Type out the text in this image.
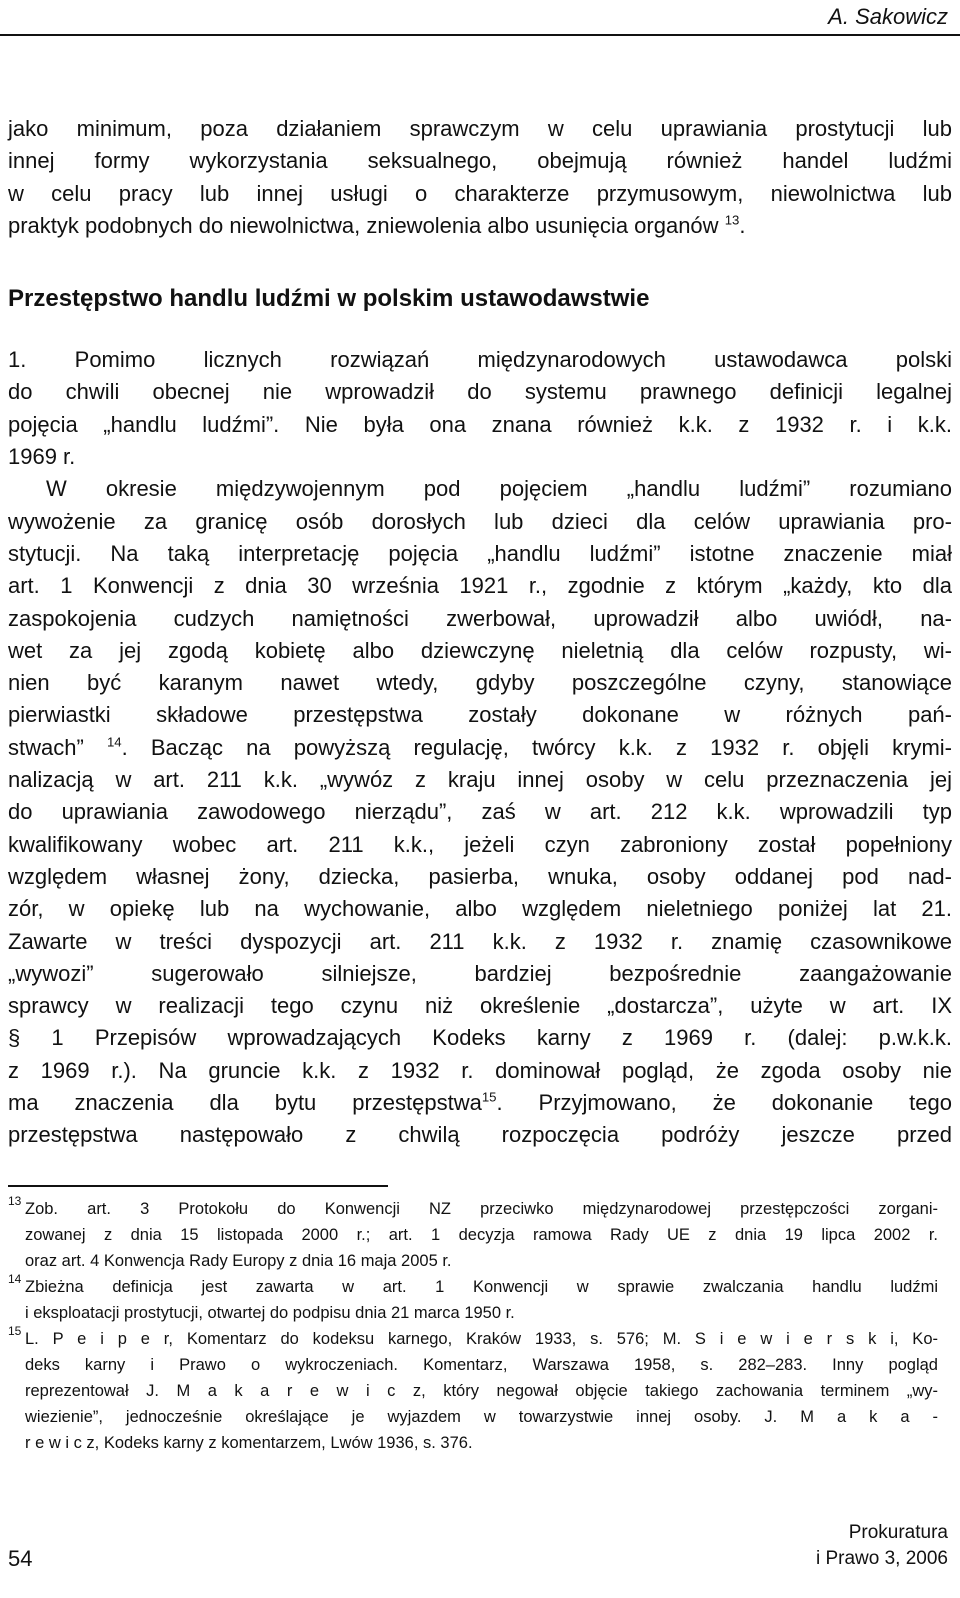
A. Sakowicz
jako minimum, poza działaniem sprawczym w celu uprawiania prostytucji lub
innej formy wykorzystania seksualnego, obejmują również handel ludźmi
w celu pracy lub innej usługi o charakterze przymusowym, niewolnictwa lub
praktyk podobnych do niewolnictwa, zniewolenia albo usunięcia organów $^{13}$.
Przestępstwo handlu ludźmi w polskim ustawodawstwie
1. Pomimo licznych rozwiązań międzynarodowych ustawodawca polski
do chwili obecnej nie wprowadził do systemu prawnego definicji legalnej
pojęcia „handlu ludźmi”. Nie była ona znana również k.k. z 1932 r. i k.k.
1969 r.
W okresie międzywojennym pod pojęciem „handlu ludźmi” rozumiano
wywożenie za granicę osób dorosłych lub dzieci dla celów uprawiania pro-
stytucji. Na taką interpretację pojęcia „handlu ludźmi” istotne znaczenie miał
art. 1 Konwencji z dnia 30 września 1921 r., zgodnie z którym „każdy, kto dla
zaspokojenia cudzych namiętności zwerbował, uprowadził albo uwiódł, na-
wet za jej zgodą kobietę albo dziewczynę nieletnią dla celów rozpusty, wi-
nien być karanym nawet wtedy, gdyby poszczególne czyny, stanowiące
pierwiastki składowe przestępstwa zostały dokonane w różnych pań-
stwach” $^{14}$. Bacząc na powyższą regulację, twórcy k.k. z 1932 r. objęli krymi-
nalizacją w art. 211 k.k. „wywóz z kraju innej osoby w celu przeznaczenia jej
do uprawiania zawodowego nierządu”, zaś w art. 212 k.k. wprowadzili typ
kwalifikowany wobec art. 211 k.k., jeżeli czyn zabroniony został popełniony
względem własnej żony, dziecka, pasierba, wnuka, osoby oddanej pod nad-
zór, w opiekę lub na wychowanie, albo względem nieletniego poniżej lat 21.
Zawarte w treści dyspozycji art. 211 k.k. z 1932 r. znamię czasownikowe
„wywozi” sugerowało silniejsze, bardziej bezpośrednie zaangażowanie
sprawcy w realizacji tego czynu niż określenie „dostarcza”, użyte w art. IX
§ 1 Przepisów wprowadzających Kodeks karny z 1969 r. (dalej: p.w.k.k.
z 1969 r.). Na gruncie k.k. z 1932 r. dominował pogląd, że zgoda osoby nie
ma znaczenia dla bytu przestępstwa$^{15}$. Przyjmowano, że dokonanie tego
przestępstwa następowało z chwilą rozpoczęcia podróży jeszcze przed
13 Zob. art. 3 Protokołu do Konwencji NZ przeciwko międzynarodowej przestępczości zorgani-
zowanej z dnia 15 listopada 2000 r.; art. 1 decyzja ramowa Rady UE z dnia 19 lipca 2002 r.
oraz art. 4 Konwencja Rady Europy z dnia 16 maja 2005 r.
14 Zbieżna definicja jest zawarta w art. 1 Konwencji w sprawie zwalczania handlu ludźmi
i eksploatacji prostytucji, otwartej do podpisu dnia 21 marca 1950 r.
15 L. P e i p e r, Komentarz do kodeksu karnego, Kraków 1933, s. 576; M. S i e w i e r s k i, Ko-
deks karny i Prawo o wykroczeniach. Komentarz, Warszawa 1958, s. 282–283. Inny pogląd
reprezentował J. M a k a r e w i c z, który negował objęcie takiego zachowania terminem „wy-
wiezienie”, jednocześnie określające je wyjazdem w towarzystwie innej osoby. J. M a k a -
r e w i c z, Kodeks karny z komentarzem, Lwów 1936, s. 376.
54
Prokuratura
i Prawo 3, 2006
